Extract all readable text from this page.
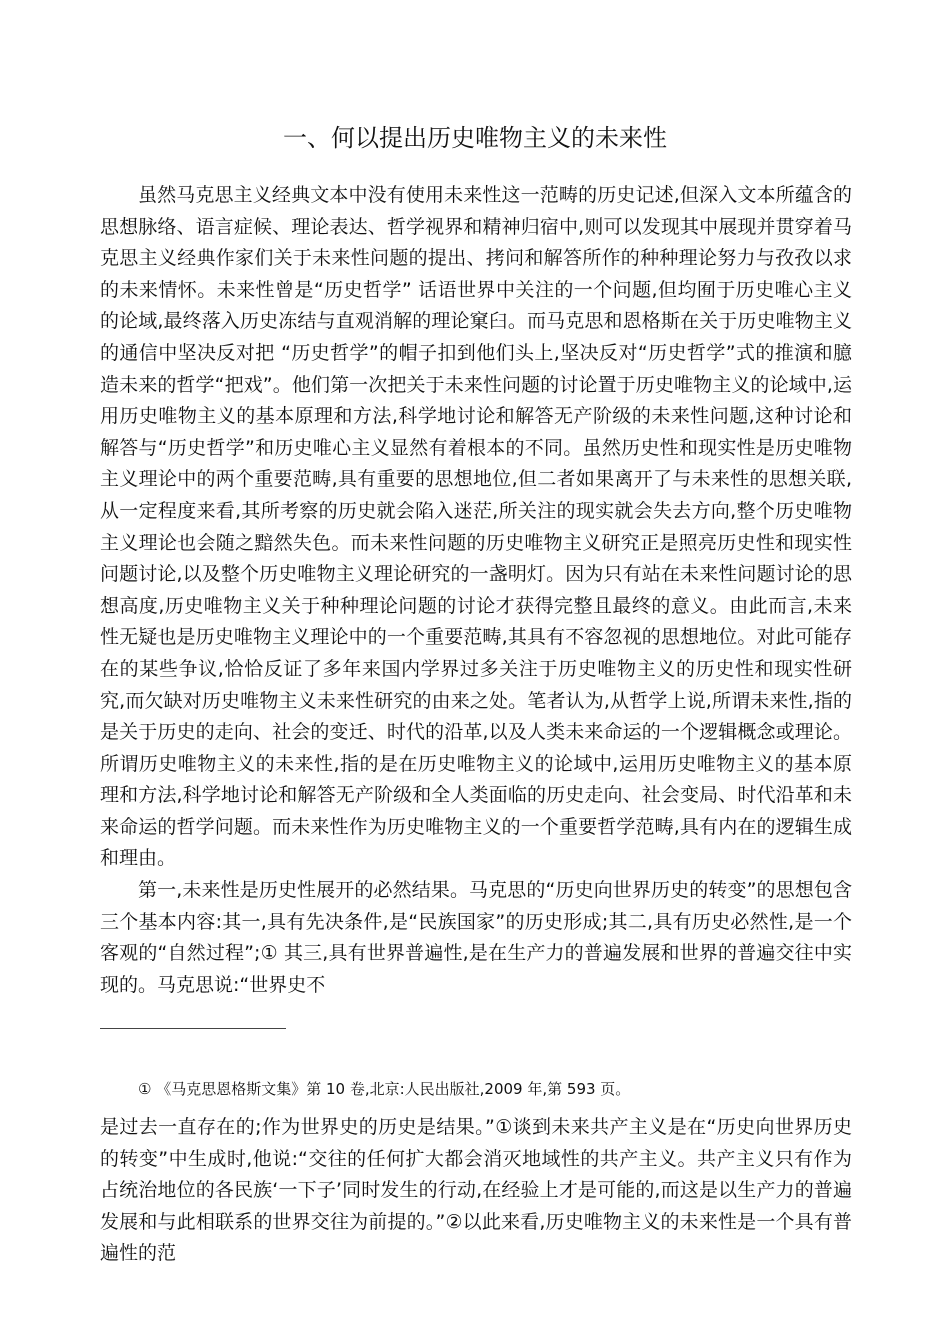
一、何以提出历史唯物主义的未来性

虽然马克思主义经典文本中没有使用未来性这一范畴的历史记述,但深入文本所蕴含的思想脉络、语言症候、理论表达、哲学视界和精神归宿中,则可以发现其中展现并贯穿着马克思主义经典作家们关于未来性问题的提出、拷问和解答所作的种种理论努力与孜孜以求的未来情怀。未来性曾是“历史哲学” 话语世界中关注的一个问题,但均囿于历史唯心主义的论域,最终落入历史冻结与直观消解的理论窠臼。而马克思和恩格斯在关于历史唯物主义的通信中坚决反对把 “历史哲学”的帽子扣到他们头上,坚决反对“历史哲学”式的推演和臆造未来的哲学“把戏”。他们第一次把关于未来性问题的讨论置于历史唯物主义的论域中,运用历史唯物主义的基本原理和方法,科学地讨论和解答无产阶级的未来性问题,这种讨论和解答与“历史哲学”和历史唯心主义显然有着根本的不同。虽然历史性和现实性是历史唯物主义理论中的两个重要范畴,具有重要的思想地位,但二者如果离开了与未来性的思想关联,从一定程度来看,其所考察的历史就会陷入迷茫,所关注的现实就会失去方向,整个历史唯物主义理论也会随之黯然失色。而未来性问题的历史唯物主义研究正是照亮历史性和现实性问题讨论,以及整个历史唯物主义理论研究的一盏明灯。因为只有站在未来性问题讨论的思想高度,历史唯物主义关于种种理论问题的讨论才获得完整且最终的意义。由此而言,未来性无疑也是历史唯物主义理论中的一个重要范畴,其具有不容忽视的思想地位。对此可能存在的某些争议,恰恰反证了多年来国内学界过多关注于历史唯物主义的历史性和现实性研究,而欠缺对历史唯物主义未来性研究的由来之处。笔者认为,从哲学上说,所谓未来性,指的是关于历史的走向、社会的变迁、时代的沿革,以及人类未来命运的一个逻辑概念或理论。所谓历史唯物主义的未来性,指的是在历史唯物主义的论域中,运用历史唯物主义的基本原理和方法,科学地讨论和解答无产阶级和全人类面临的历史走向、社会变局、时代沿革和未来命运的哲学问题。而未来性作为历史唯物主义的一个重要哲学范畴,具有内在的逻辑生成和理由。

第一,未来性是历史性展开的必然结果。马克思的“历史向世界历史的转变”的思想包含三个基本内容:其一,具有先决条件,是“民族国家”的历史形成;其二,具有历史必然性,是一个客观的“自然过程”;① 其三,具有世界普遍性,是在生产力的普遍发展和世界的普遍交往中实现的。马克思说:“世界史不

① 《马克思恩格斯文集》第 10 卷,北京:人民出版社,2009 年,第 593 页。

是过去一直存在的;作为世界史的历史是结果。”①谈到未来共产主义是在“历史向世界历史的转变”中生成时,他说:“交往的任何扩大都会消灭地域性的共产主义。共产主义只有作为占统治地位的各民族‘一下子’同时发生的行动,在经验上才是可能的,而这是以生产力的普遍发展和与此相联系的世界交往为前提的。”②以此来看,历史唯物主义的未来性是一个具有普遍性的范
